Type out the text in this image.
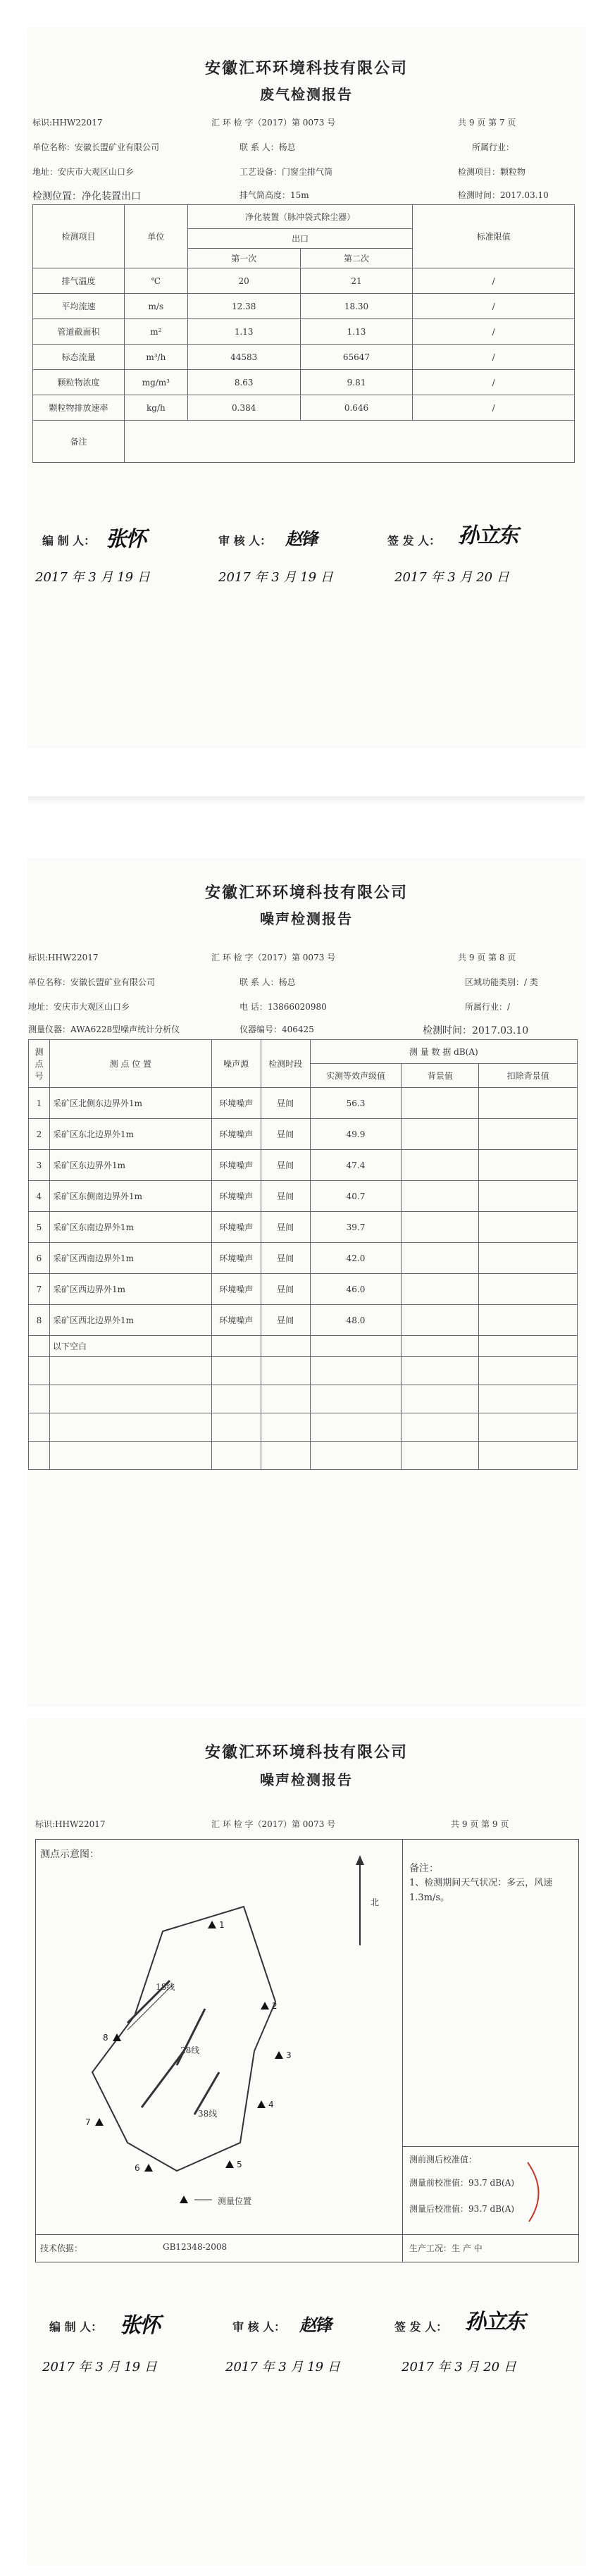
安徽汇环环境科技有限公司
废气检测报告
标识:HHW22017	汇 环 检 字（2017）第 0073 号	共 9 页 第 7 页
单位名称：安徽长盟矿业有限公司	联 系 人：杨总	所属行业：
地址：安庆市大观区山口乡	工艺设备：门窗尘排气筒	检测项目：颗粒物
检测位置：净化装置出口	排气筒高度：15m	检测时间：2017.03.10
检测项目	单位	净化装置（脉冲袋式除尘器）		标准限值
		出口		
		第一次	第二次	
排气温度	℃	20	21	/
平均流速	m/s	12.38	18.30	/
管道截面积	m²	1.13	1.13	/
标态流量	m³/h	44583	65647	/
颗粒物浓度	mg/m³	8.63	9.81	/
颗粒物排放速率	kg/h	0.384	0.646	/
备注				
编 制 人： 张怀
2017 年 3 月 19 日
审 核 人： 赵锋
2017 年 3 月 19 日
签 发 人： 孙立东
2017 年 3 月 20 日
安徽汇环环境科技有限公司
噪声检测报告
标识:HHW22017	汇 环 检 字（2017）第 0073 号	共 9 页 第 8 页
单位名称：安徽长盟矿业有限公司	联 系 人：杨总	区域功能类别：/ 类
地址：安庆市大观区山口乡	电 话：13866020980	所属行业：/
测量仪器：AWA6228型噪声统计分析仪	仪器编号：406425	检测时间：2017.03.10
测点号	测 点 位 置	噪声源	检测时段	测 量 数 据 dB(A)		
				实测等效声级值	背景值	扣除背景值
1	采矿区北侧东边界外1m	环境噪声	昼间	56.3		
2	采矿区东北边界外1m	环境噪声	昼间	49.9		
3	采矿区东边界外1m	环境噪声	昼间	47.4		
4	采矿区东侧南边界外1m	环境噪声	昼间	40.7		
5	采矿区东南边界外1m	环境噪声	昼间	39.7		
6	采矿区西南边界外1m	环境噪声	昼间	42.0		
7	采矿区西边界外1m	环境噪声	昼间	46.0		
8	采矿区西北边界外1m	环境噪声	昼间	48.0		
	以下空白					

安徽汇环环境科技有限公司
噪声检测报告
标识:HHW22017	汇 环 检 字（2017）第 0073 号	共 9 页 第 9 页
测点示意图：
1
2
3
4
5
6
7
8
北
18线
28线
38线
测量位置
备注：
1、检测期间天气状况：多云，风速1.3m/s。
测前测后校准值：
测量前校准值：93.7 dB(A)
测量后校准值：93.7 dB(A)
技术依据：	GB12348-2008	生产工况：生 产 中
编 制 人： 张怀
2017 年 3 月 19 日
审 核 人： 赵锋
2017 年 3 月 19 日
签 发 人： 孙立东
2017 年 3 月 20 日
